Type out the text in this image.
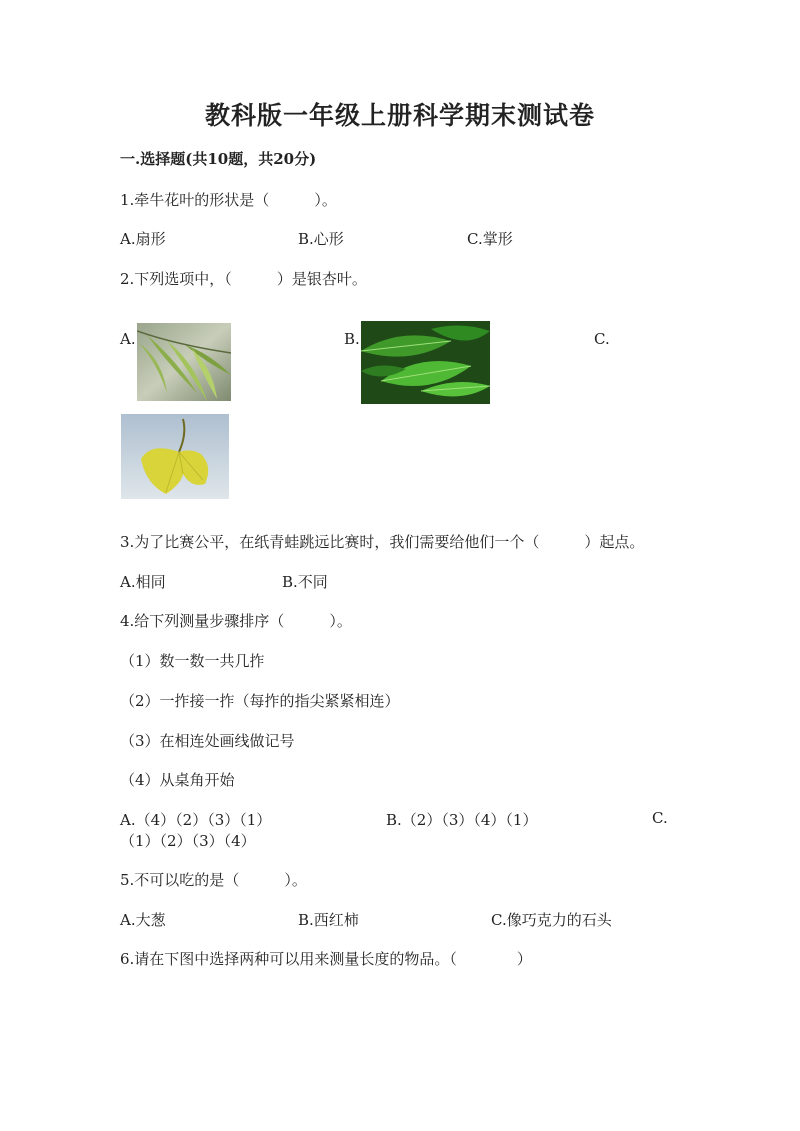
教科版一年级上册科学期末测试卷
一.选择题(共10题，共20分)
1.牵牛花叶的形状是（　　　）。
A.扇形	B.心形	C.掌形
2.下列选项中，（　　　）是银杏叶。
A.	B.	C.
3.为了比赛公平，在纸青蛙跳远比赛时，我们需要给他们一个（　　　）起点。
A.相同	B.不同
4.给下列测量步骤排序（　　　）。
（1）数一数一共几拃
（2）一拃接一拃（每拃的指尖紧紧相连）
（3）在相连处画线做记号
（4）从桌角开始
A.（4）（2）（3）（1）	B.（2）（3）（4）（1）	C.
（1）（2）（3）（4）
5.不可以吃的是（　　　）。
A.大葱	B.西红柿	C.像巧克力的石头
6.请在下图中选择两种可以用来测量长度的物品。（　　　　）
